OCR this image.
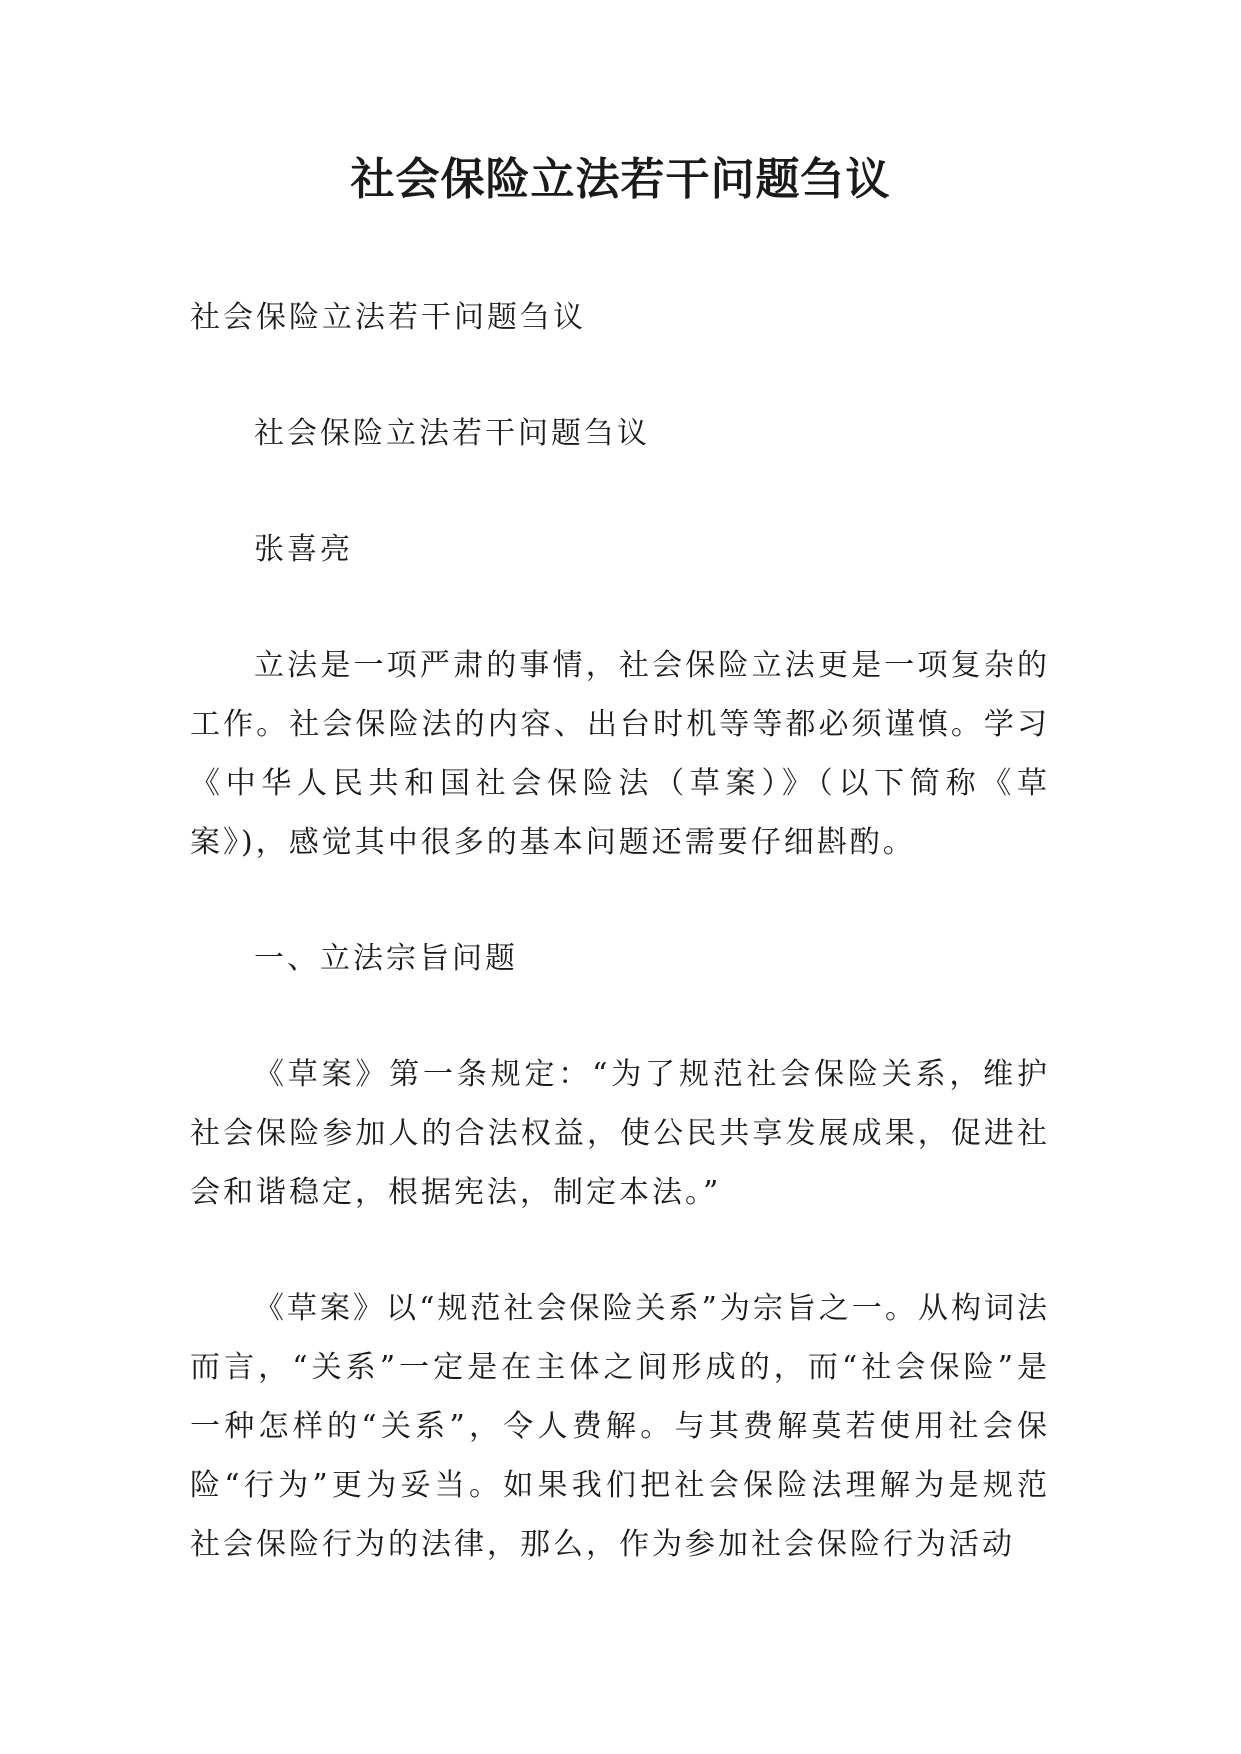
社会保险立法若干问题刍议

社会保险立法若干问题刍议

社会保险立法若干问题刍议

张喜亮

立法是一项严肃的事情，社会保险立法更是一项复杂的工作。社会保险法的内容、出台时机等等都必须谨慎。学习《中华人民共和国社会保险法（草案）》（以下简称《草案》)，感觉其中很多的基本问题还需要仔细斟酌。

一、立法宗旨问题

《草案》第一条规定：“为了规范社会保险关系，维护社会保险参加人的合法权益，使公民共享发展成果，促进社会和谐稳定，根据宪法，制定本法。”

《草案》以“规范社会保险关系”为宗旨之一。从构词法而言，“关系”一定是在主体之间形成的，而“社会保险”是一种怎样的“关系”，令人费解。与其费解莫若使用社会保险“行为”更为妥当。如果我们把社会保险法理解为是规范社会保险行为的法律，那么，作为参加社会保险行为活动
